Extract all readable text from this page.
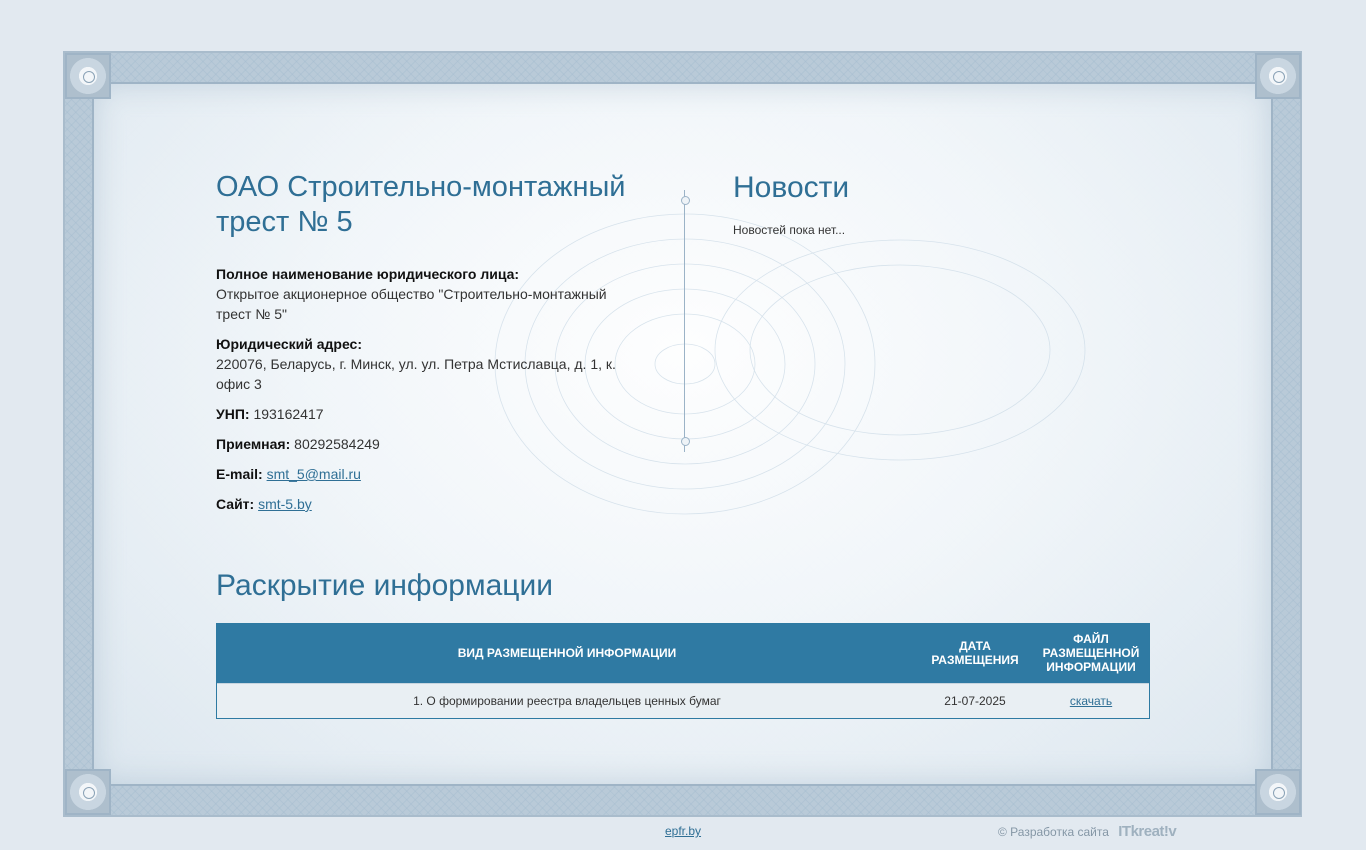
ОАО Строительно-монтажный трест № 5
Полное наименование юридического лица:
Открытое акционерное общество "Строительно-монтажный трест № 5"
Юридический адрес:
220076, Беларусь, г. Минск, ул. ул. Петра Мстиславца, д. 1, к. офис 3
УНП: 193162417
Приемная: 80292584249
E-mail: smt_5@mail.ru
Сайт: smt-5.by
Новости
Новостей пока нет...
Раскрытие информации
ВИД РАЗМЕЩЕННОЙ ИНФОРМАЦИИ	ДАТА РАЗМЕЩЕНИЯ	ФАЙЛ РАЗМЕЩЕННОЙ ИНФОРМАЦИИ
1. О формировании реестра владельцев ценных бумаг	21-07-2025	скачать
epfr.by	© Разработка сайта ITkreat!v
